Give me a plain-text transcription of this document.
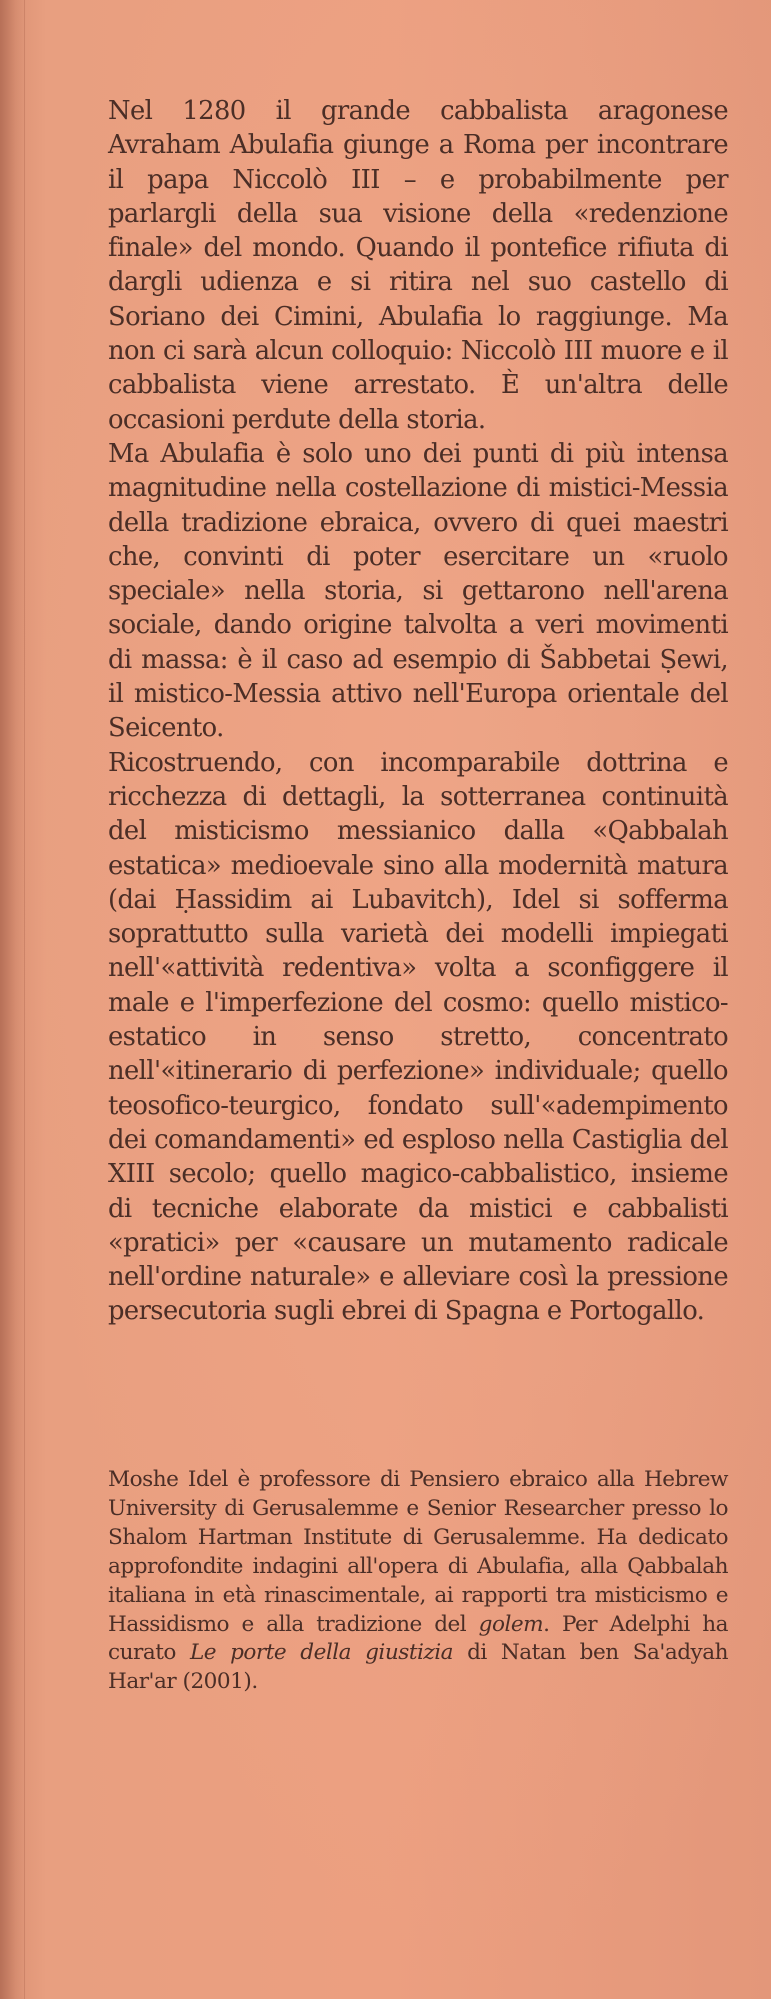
Nel 1280 il grande cabbalista aragonese Avraham Abulafia giunge a Roma per incontrare il papa Niccolò III – e probabilmente per parlargli della sua visione della «redenzione finale» del mondo. Quando il pontefice rifiuta di dargli udienza e si ritira nel suo castello di Soriano dei Cimini, Abulafia lo raggiunge. Ma non ci sarà alcun colloquio: Niccolò III muore e il cabbalista viene arrestato. È un'altra delle occasioni perdute della storia.

Ma Abulafia è solo uno dei punti di più intensa magnitudine nella costellazione di mistici-Messia della tradizione ebraica, ovvero di quei maestri che, convinti di poter esercitare un «ruolo speciale» nella storia, si gettarono nell'arena sociale, dando origine talvolta a veri movimenti di massa: è il caso ad esempio di Šabbetai Ṣewi, il mistico-Messia attivo nell'Europa orientale del Seicento.

Ricostruendo, con incomparabile dottrina e ricchezza di dettagli, la sotterranea continuità del misticismo messianico dalla «Qabbalah estatica» medioevale sino alla modernità matura (dai Ḥassidim ai Lubavitch), Idel si sofferma soprattutto sulla varietà dei modelli impiegati nell'«attività redentiva» volta a sconfiggere il male e l'imperfezione del cosmo: quello mistico-estatico in senso stretto, concentrato nell'«itinerario di perfezione» individuale; quello teosofico-teurgico, fondato sull'«adempimento dei comandamenti» ed esploso nella Castiglia del XIII secolo; quello magico-cabbalistico, insieme di tecniche elaborate da mistici e cabbalisti «pratici» per «causare un mutamento radicale nell'ordine naturale» e alleviare così la pressione persecutoria sugli ebrei di Spagna e Portogallo.

Moshe Idel è professore di Pensiero ebraico alla Hebrew University di Gerusalemme e Senior Researcher presso lo Shalom Hartman Institute di Gerusalemme. Ha dedicato approfondite indagini all'opera di Abulafia, alla Qabbalah italiana in età rinascimentale, ai rapporti tra misticismo e Hassidismo e alla tradizione del golem. Per Adelphi ha curato Le porte della giustizia di Natan ben Sa'adyah Har'ar (2001).
